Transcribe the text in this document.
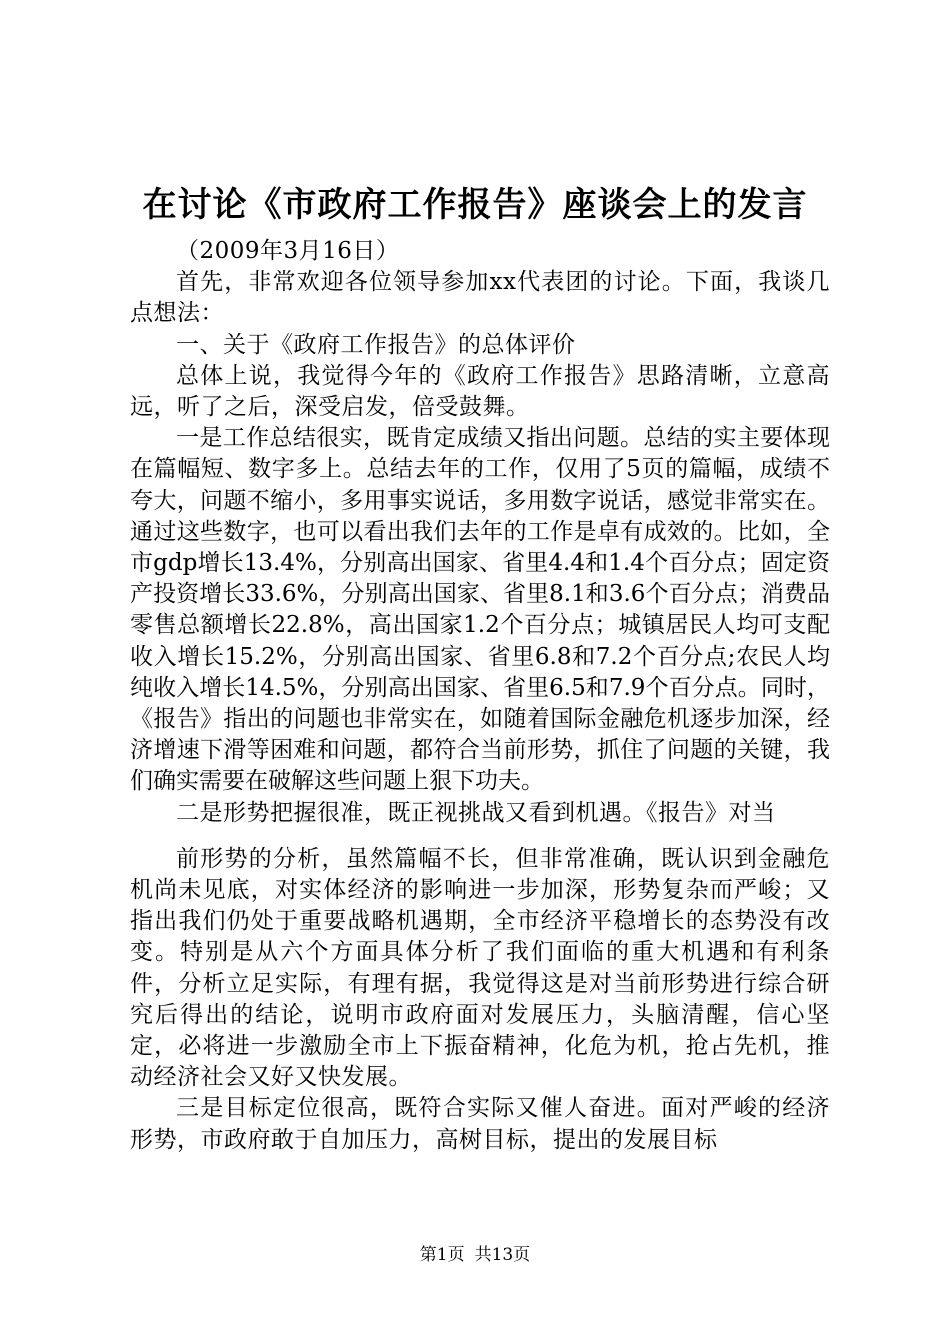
在讨论《市政府工作报告》座谈会上的发言

（2009年3月16日）

首先，非常欢迎各位领导参加xx代表团的讨论。下面，我谈几点想法：

一、关于《政府工作报告》的总体评价

总体上说，我觉得今年的《政府工作报告》思路清晰，立意高远，听了之后，深受启发，倍受鼓舞。

一是工作总结很实，既肯定成绩又指出问题。总结的实主要体现在篇幅短、数字多上。总结去年的工作，仅用了5页的篇幅，成绩不夸大，问题不缩小，多用事实说话，多用数字说话，感觉非常实在。通过这些数字，也可以看出我们去年的工作是卓有成效的。比如，全市gdp增长13.4%，分别高出国家、省里4.4和1.4个百分点；固定资产投资增长33.6%，分别高出国家、省里8.1和3.6个百分点；消费品零售总额增长22.8%，高出国家1.2个百分点；城镇居民人均可支配收入增长15.2%，分别高出国家、省里6.8和7.2个百分点;农民人均纯收入增长14.5%，分别高出国家、省里6.5和7.9个百分点。同时，《报告》指出的问题也非常实在，如随着国际金融危机逐步加深，经济增速下滑等困难和问题，都符合当前形势，抓住了问题的关键，我们确实需要在破解这些问题上狠下功夫。

二是形势把握很准，既正视挑战又看到机遇。《报告》对当

前形势的分析，虽然篇幅不长，但非常准确，既认识到金融危机尚未见底，对实体经济的影响进一步加深，形势复杂而严峻；又指出我们仍处于重要战略机遇期，全市经济平稳增长的态势没有改变。特别是从六个方面具体分析了我们面临的重大机遇和有利条件，分析立足实际，有理有据，我觉得这是对当前形势进行综合研究后得出的结论，说明市政府面对发展压力，头脑清醒，信心坚定，必将进一步激励全市上下振奋精神，化危为机，抢占先机，推动经济社会又好又快发展。

三是目标定位很高，既符合实际又催人奋进。面对严峻的经济形势，市政府敢于自加压力，高树目标，提出的发展目标

第1页 共13页
